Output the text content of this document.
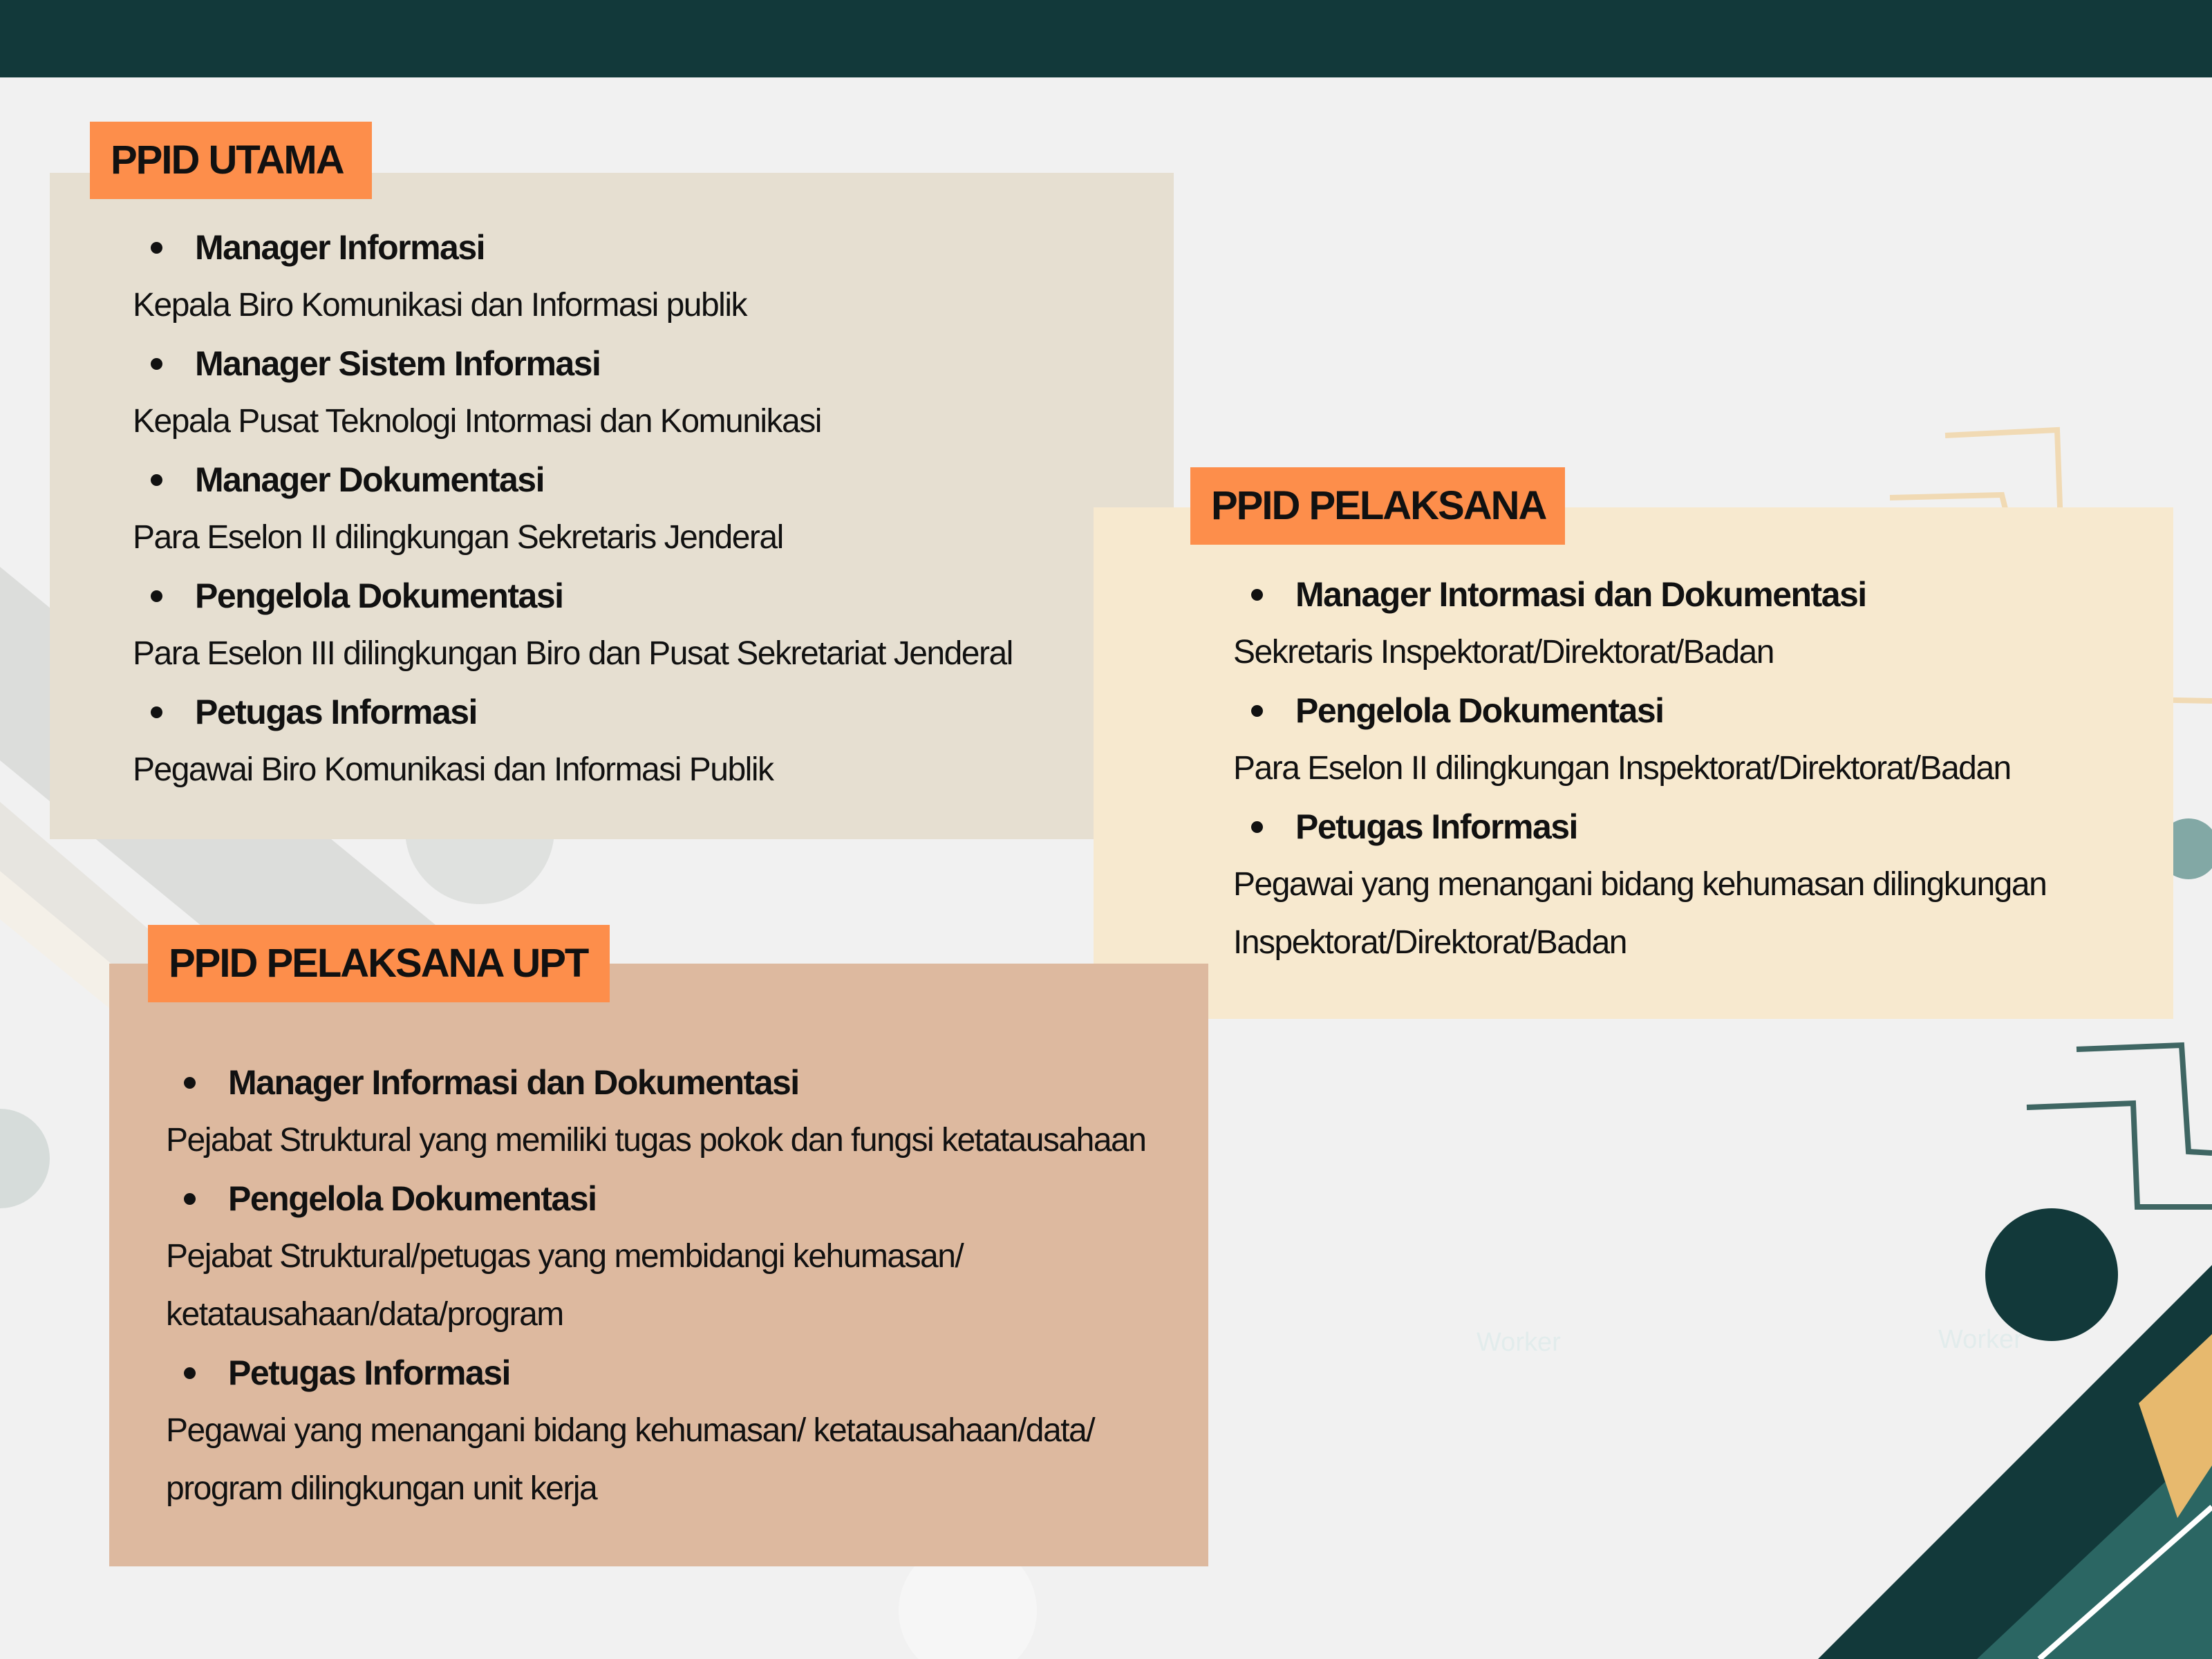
Worker	Worker
PPID UTAMA
PPID PELAKSANA
PPID PELAKSANA UPT
Manager Informasi
Kepala Biro Komunikasi dan Informasi publik
Manager Sistem Informasi
Kepala Pusat Teknologi Intormasi dan Komunikasi
Manager Dokumentasi
Para Eselon II dilingkungan Sekretaris Jenderal
Pengelola Dokumentasi
Para Eselon III dilingkungan Biro dan Pusat Sekretariat Jenderal
Petugas Informasi
Pegawai Biro Komunikasi dan Informasi Publik
Manager Intormasi dan Dokumentasi
Sekretaris Inspektorat/Direktorat/Badan
Pengelola Dokumentasi
Para Eselon II dilingkungan Inspektorat/Direktorat/Badan
Petugas Informasi
Pegawai yang menangani bidang kehumasan dilingkungan
Inspektorat/Direktorat/Badan
Manager Informasi dan Dokumentasi
Pejabat Struktural yang memiliki tugas pokok dan fungsi ketatausahaan
Pengelola Dokumentasi
Pejabat Struktural/petugas yang membidangi kehumasan/
ketatausahaan/data/program
Petugas Informasi
Pegawai yang menangani bidang kehumasan/ ketatausahaan/data/
program dilingkungan unit kerja
